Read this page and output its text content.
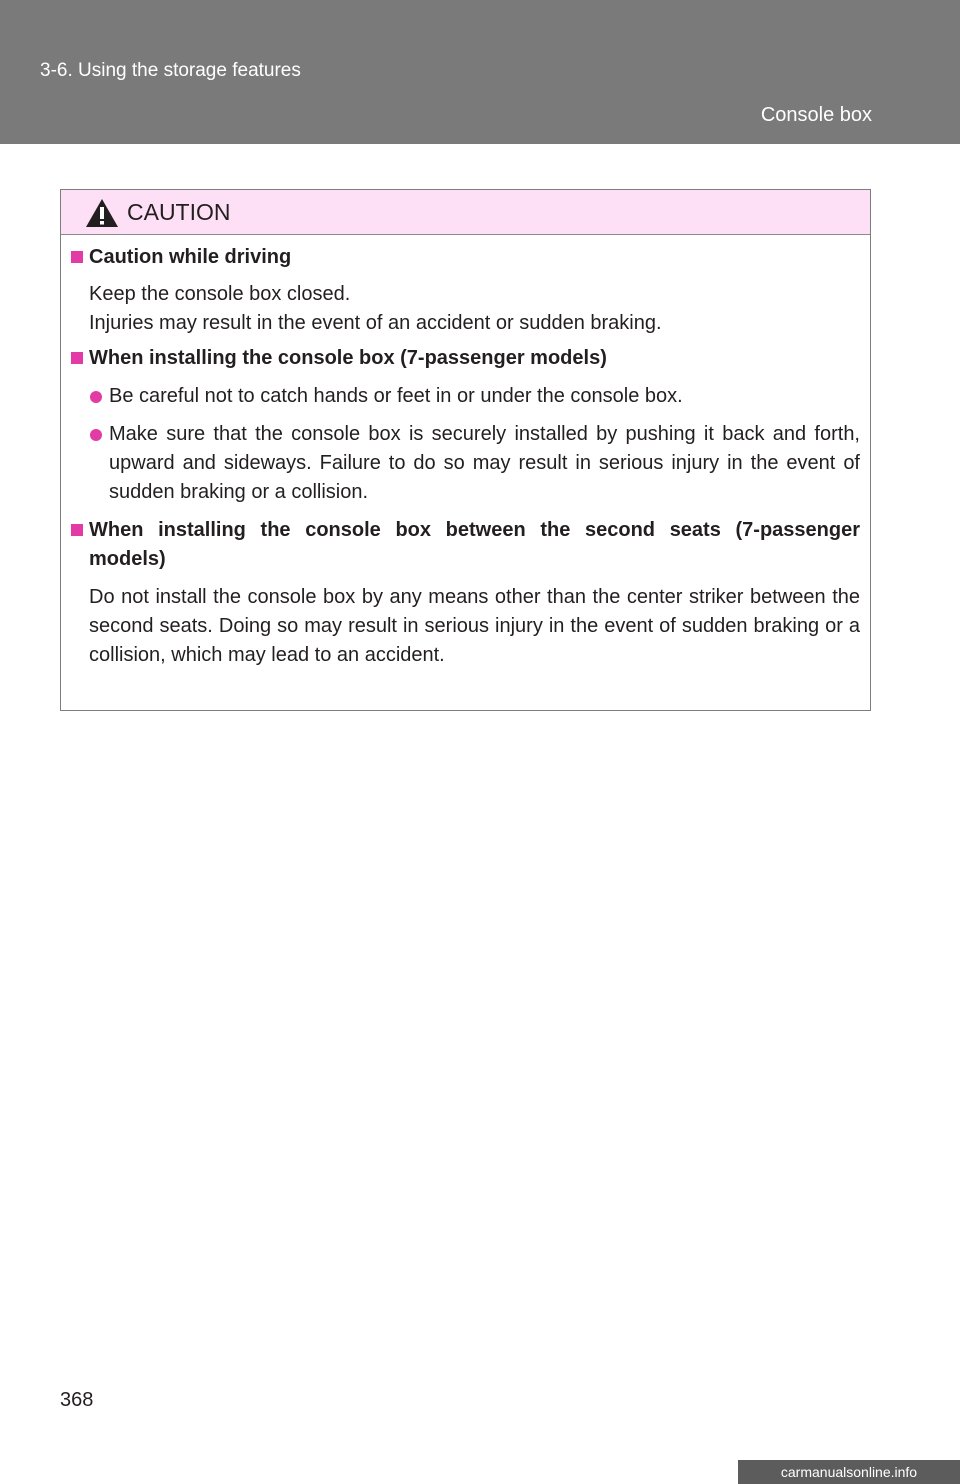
3-6. Using the storage features
Console box
CAUTION
Caution while driving
Keep the console box closed.
Injuries may result in the event of an accident or sudden braking.
When installing the console box (7-passenger models)
Be careful not to catch hands or feet in or under the console box.
Make sure that the console box is securely installed by pushing it back and forth, upward and sideways. Failure to do so may result in serious injury in the event of sudden braking or a collision.
When installing the console box between the second seats (7-passenger models)
Do not install the console box by any means other than the center striker between the second seats. Doing so may result in serious injury in the event of sudden braking or a collision, which may lead to an accident.
368
carmanualsonline.info
